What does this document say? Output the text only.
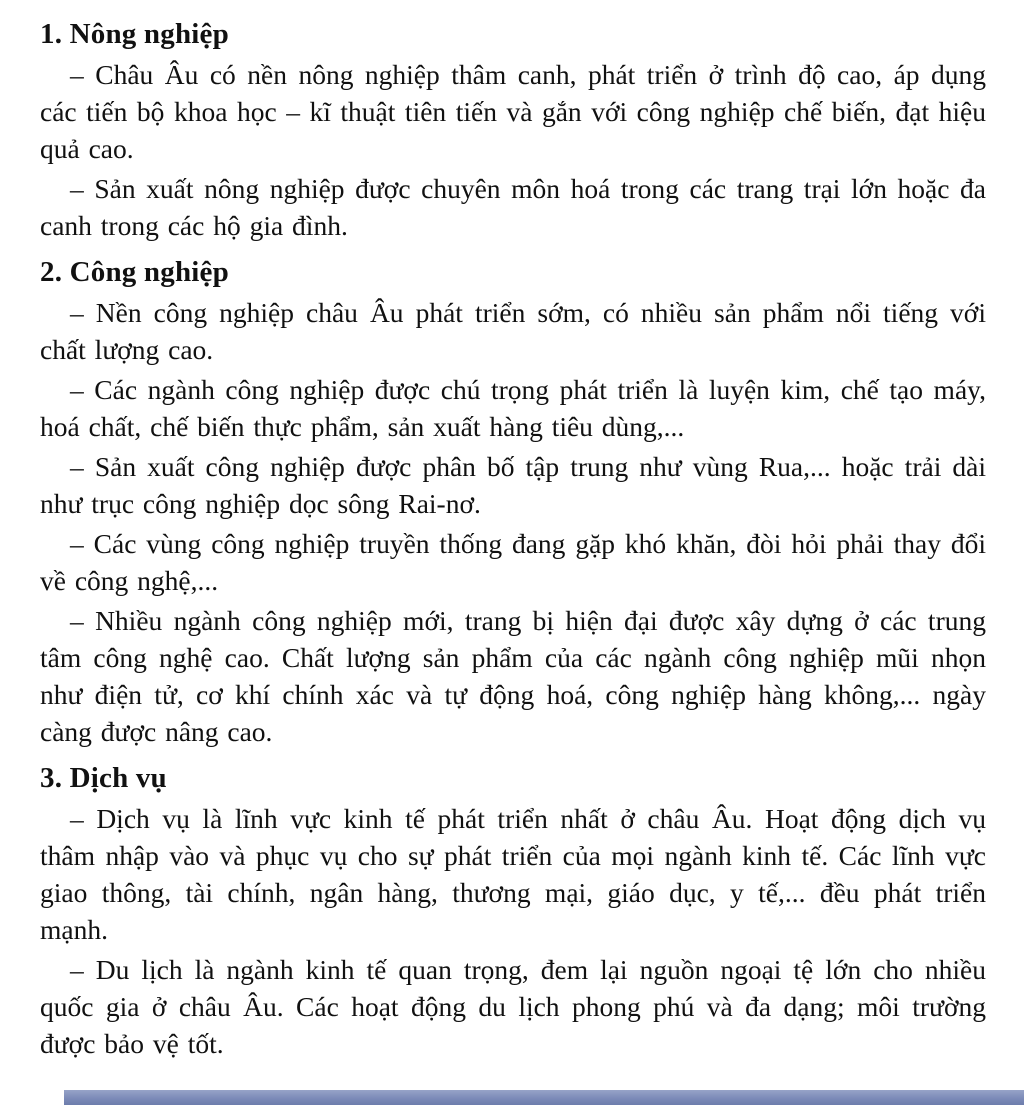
1. Nông nghiệp

– Châu Âu có nền nông nghiệp thâm canh, phát triển ở trình độ cao, áp dụng các tiến bộ khoa học – kĩ thuật tiên tiến và gắn với công nghiệp chế biến, đạt hiệu quả cao.

– Sản xuất nông nghiệp được chuyên môn hoá trong các trang trại lớn hoặc đa canh trong các hộ gia đình.

2. Công nghiệp

– Nền công nghiệp châu Âu phát triển sớm, có nhiều sản phẩm nổi tiếng với chất lượng cao.

– Các ngành công nghiệp được chú trọng phát triển là luyện kim, chế tạo máy, hoá chất, chế biến thực phẩm, sản xuất hàng tiêu dùng,...

– Sản xuất công nghiệp được phân bố tập trung như vùng Rua,... hoặc trải dài như trục công nghiệp dọc sông Rai-nơ.

– Các vùng công nghiệp truyền thống đang gặp khó khăn, đòi hỏi phải thay đổi về công nghệ,...

– Nhiều ngành công nghiệp mới, trang bị hiện đại được xây dựng ở các trung tâm công nghệ cao. Chất lượng sản phẩm của các ngành công nghiệp mũi nhọn như điện tử, cơ khí chính xác và tự động hoá, công nghiệp hàng không,... ngày càng được nâng cao.

3. Dịch vụ

– Dịch vụ là lĩnh vực kinh tế phát triển nhất ở châu Âu. Hoạt động dịch vụ thâm nhập vào và phục vụ cho sự phát triển của mọi ngành kinh tế. Các lĩnh vực giao thông, tài chính, ngân hàng, thương mại, giáo dục, y tế,... đều phát triển mạnh.

– Du lịch là ngành kinh tế quan trọng, đem lại nguồn ngoại tệ lớn cho nhiều quốc gia ở châu Âu. Các hoạt động du lịch phong phú và đa dạng; môi trường được bảo vệ tốt.
